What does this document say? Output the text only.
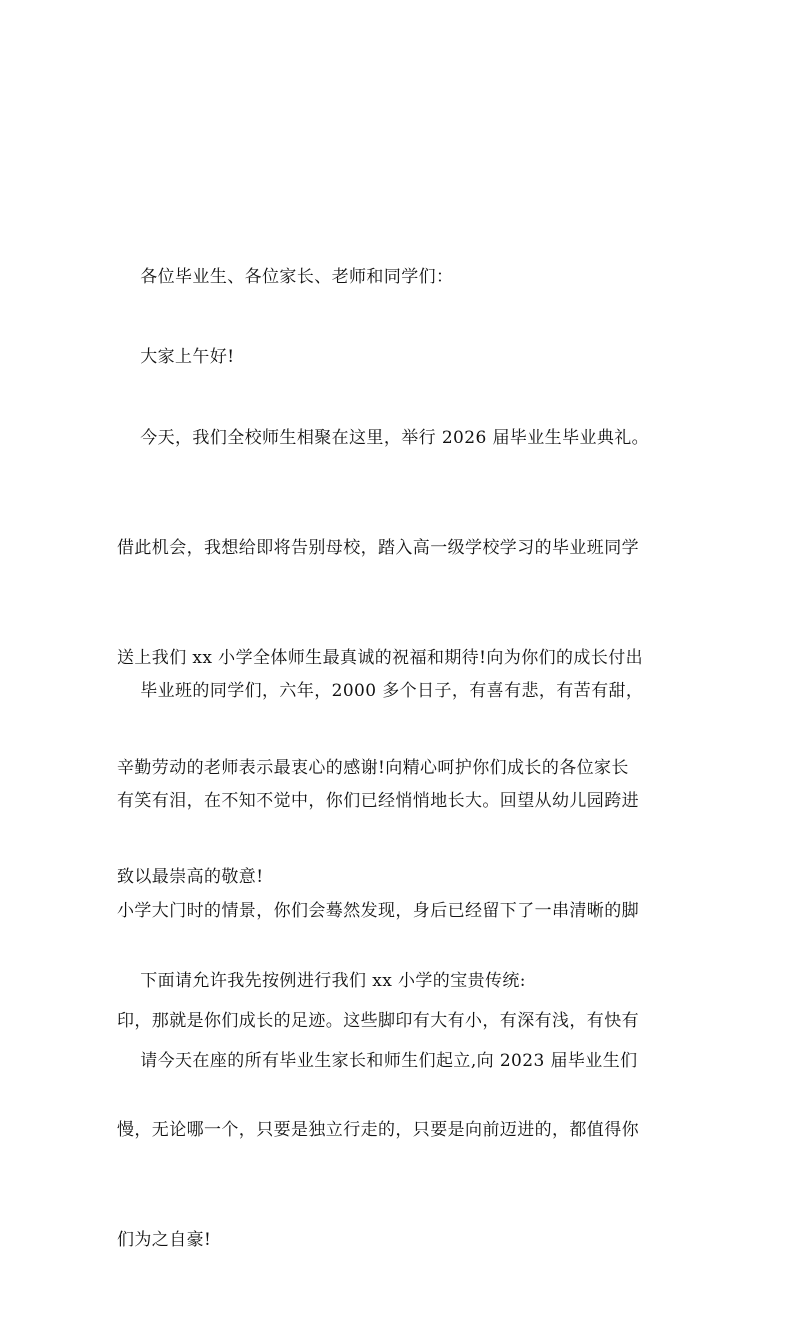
各位毕业生、各位家长、老师和同学们：

大家上午好!

今天，我们全校师生相聚在这里，举行 2026 届毕业生毕业典礼。

借此机会，我想给即将告别母校，踏入高一级学校学习的毕业班同学

送上我们 xx 小学全体师生最真诚的祝福和期待!向为你们的成长付出

辛勤劳动的老师表示最衷心的感谢!向精心呵护你们成长的各位家长

致以最崇高的敬意!

毕业班的同学们，六年，2000 多个日子，有喜有悲，有苦有甜，

有笑有泪，在不知不觉中，你们已经悄悄地长大。回望从幼儿园跨进

小学大门时的情景，你们会蓦然发现，身后已经留下了一串清晰的脚

印，那就是你们成长的足迹。这些脚印有大有小，有深有浅，有快有

慢，无论哪一个，只要是独立行走的，只要是向前迈进的，都值得你

们为之自豪!

下面请允许我先按例进行我们 xx 小学的宝贵传统:

请今天在座的所有毕业生家长和师生们起立,向 2023 届毕业生们
